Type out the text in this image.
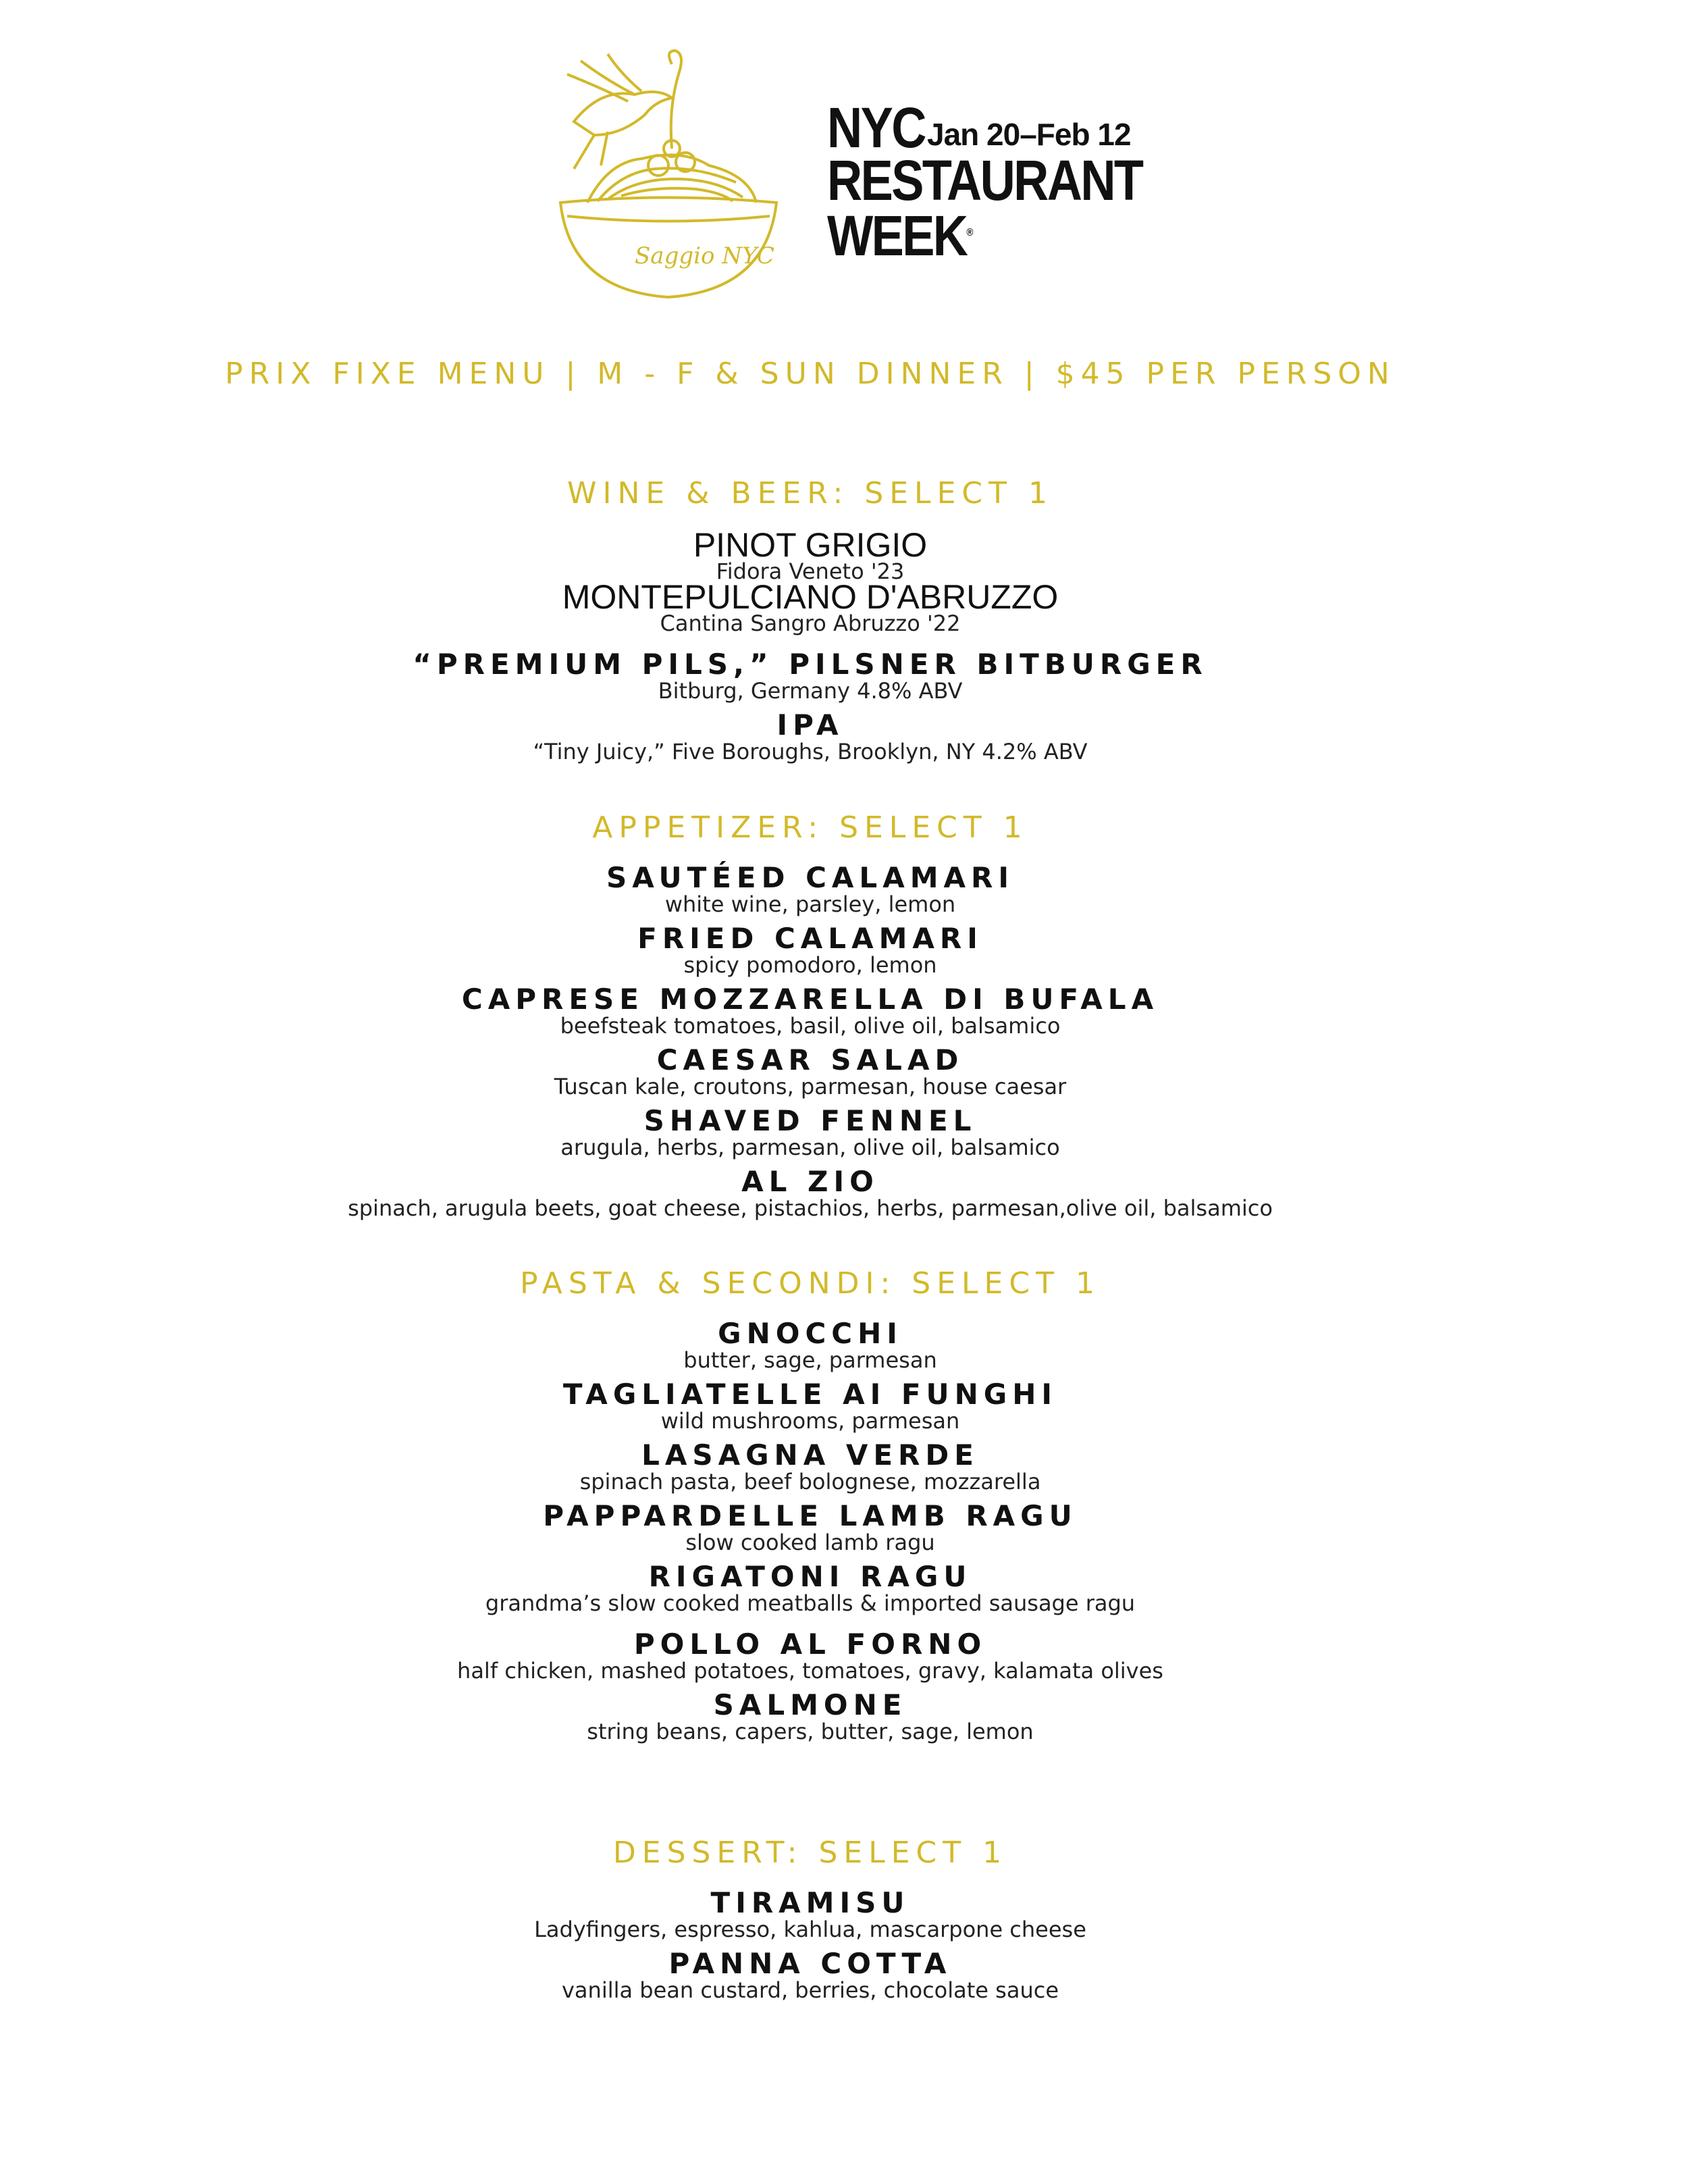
Saggio NYC
NYC Jan 20–Feb 12
RESTAURANT
WEEK®
PRIX FIXE MENU | M - F & SUN DINNER | $45 PER PERSON
WINE & BEER: SELECT 1
PINOT GRIGIO
Fidora Veneto '23
MONTEPULCIANO D'ABRUZZO
Cantina Sangro Abruzzo '22
“PREMIUM PILS,” PILSNER BITBURGER
Bitburg, Germany 4.8% ABV
IPA
“Tiny Juicy,” Five Boroughs, Brooklyn, NY 4.2% ABV
APPETIZER: SELECT 1
SAUTÉED CALAMARI
white wine, parsley, lemon
FRIED CALAMARI
spicy pomodoro, lemon
CAPRESE MOZZARELLA DI BUFALA
beefsteak tomatoes, basil, olive oil, balsamico
CAESAR SALAD
Tuscan kale, croutons, parmesan, house caesar
SHAVED FENNEL
arugula, herbs, parmesan, olive oil, balsamico
AL ZIO
spinach, arugula beets, goat cheese, pistachios, herbs, parmesan,olive oil, balsamico
PASTA & SECONDI: SELECT 1
GNOCCHI
butter, sage, parmesan
TAGLIATELLE AI FUNGHI
wild mushrooms, parmesan
LASAGNA VERDE
spinach pasta, beef bolognese, mozzarella
PAPPARDELLE LAMB RAGU
slow cooked lamb ragu
RIGATONI RAGU
grandma’s slow cooked meatballs & imported sausage ragu
POLLO AL FORNO
half chicken, mashed potatoes, tomatoes, gravy, kalamata olives
SALMONE
string beans, capers, butter, sage, lemon
DESSERT: SELECT 1
TIRAMISU
Ladyfingers, espresso, kahlua, mascarpone cheese
PANNA COTTA
vanilla bean custard, berries, chocolate sauce
